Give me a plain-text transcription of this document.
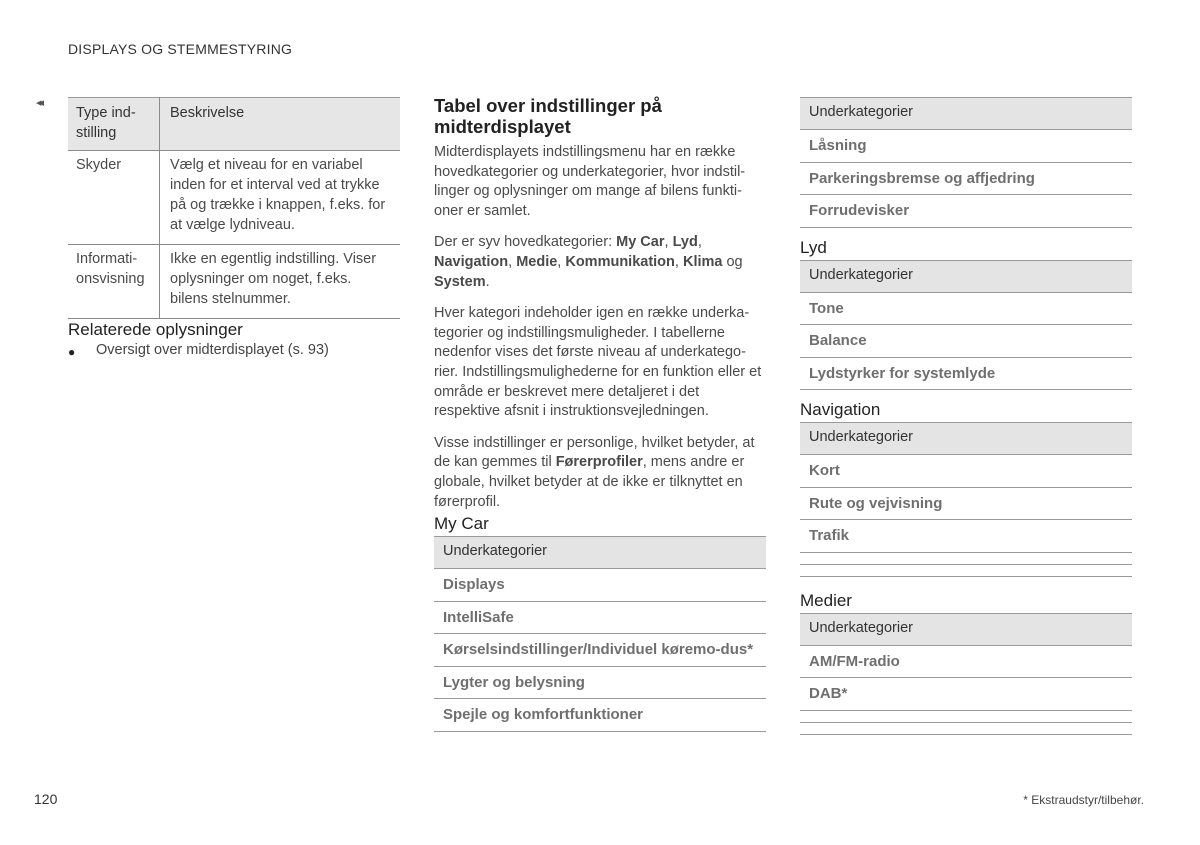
DISPLAYS OG STEMMESTYRING
◂◂
Type ind-
stilling	Beskrivelse
Skyder	Vælg et niveau for en variabel inden for et interval ved at trykke på og trække i knappen, f.eks. for at vælge lydniveau.
Informati-
onsvisning	Ikke en egentlig indstilling. Viser oplysninger om noget, f.eks. bilens stelnummer.
Relaterede oplysninger
●	Oversigt over midterdisplayet (s. 93)
Tabel over indstillinger på midterdisplayet

Midterdisplayets indstillingsmenu har en række hovedkategorier og underkategorier, hvor indstil-linger og oplysninger om mange af bilens funkti-oner er samlet.

Der er syv hovedkategorier: My Car, Lyd, Navigation, Medie, Kommunikation, Klima og System.

Hver kategori indeholder igen en række underka-tegorier og indstillingsmuligheder. I tabellerne nedenfor vises det første niveau af underkatego-rier. Indstillingsmulighederne for en funktion eller et område er beskrevet mere detaljeret i det respektive afsnit i instruktionsvejledningen.

Visse indstillinger er personlige, hvilket betyder, at de kan gemmes til Førerprofiler, mens andre er globale, hvilket betyder at de ikke er tilknyttet en førerprofil.

My Car
Underkategorier
Displays
IntelliSafe
Kørselsindstillinger/Individuel køremo-dus*
Lygter og belysning
Spejle og komfortfunktioner
Underkategorier
Låsning
Parkeringsbremse og affjedring
Forrudevisker
Lyd
Underkategorier
Tone
Balance
Lydstyrker for systemlyde
Navigation
Underkategorier
Kort
Rute og vejvisning
Trafik
Medier
Underkategorier
AM/FM-radio
DAB*
120	* Ekstraudstyr/tilbehør.
